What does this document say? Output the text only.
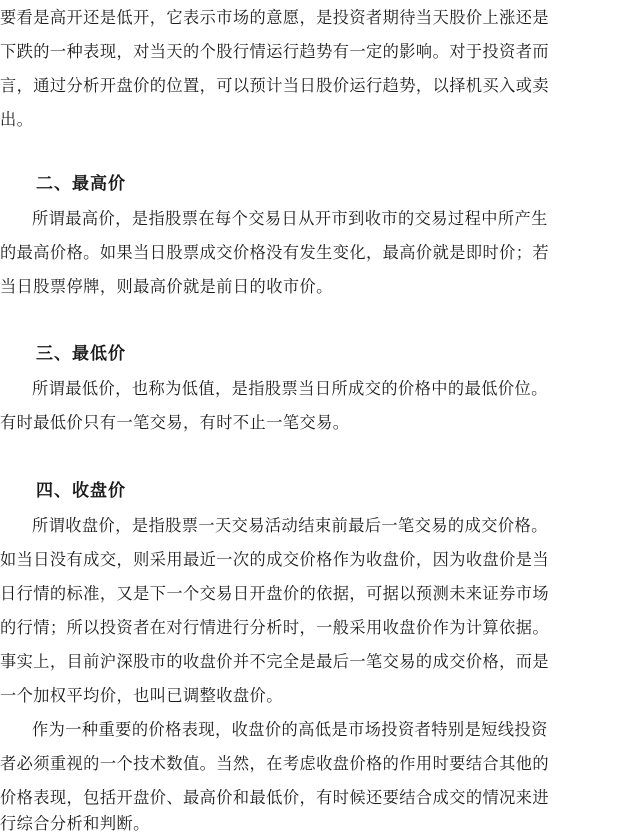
要看是高开还是低开，它表示市场的意愿，是投资者期待当天股价上涨还是
下跌的一种表现，对当天的个股行情运行趋势有一定的影响。对于投资者而
言，通过分析开盘价的位置，可以预计当日股价运行趋势，以择机买入或卖
出。
二、最高价
所谓最高价，是指股票在每个交易日从开市到收市的交易过程中所产生
的最高价格。如果当日股票成交价格没有发生变化，最高价就是即时价；若
当日股票停牌，则最高价就是前日的收市价。
三、最低价
所谓最低价，也称为低值，是指股票当日所成交的价格中的最低价位。
有时最低价只有一笔交易，有时不止一笔交易。
四、收盘价
所谓收盘价，是指股票一天交易活动结束前最后一笔交易的成交价格。
如当日没有成交，则采用最近一次的成交价格作为收盘价，因为收盘价是当
日行情的标准，又是下一个交易日开盘价的依据，可据以预测未来证券市场
的行情；所以投资者在对行情进行分析时，一般采用收盘价作为计算依据。
事实上，目前沪深股市的收盘价并不完全是最后一笔交易的成交价格，而是
一个加权平均价，也叫已调整收盘价。
作为一种重要的价格表现，收盘价的高低是市场投资者特别是短线投资
者必须重视的一个技术数值。当然，在考虑收盘价格的作用时要结合其他的
价格表现，包括开盘价、最高价和最低价，有时候还要结合成交的情况来进
行综合分析和判断。
